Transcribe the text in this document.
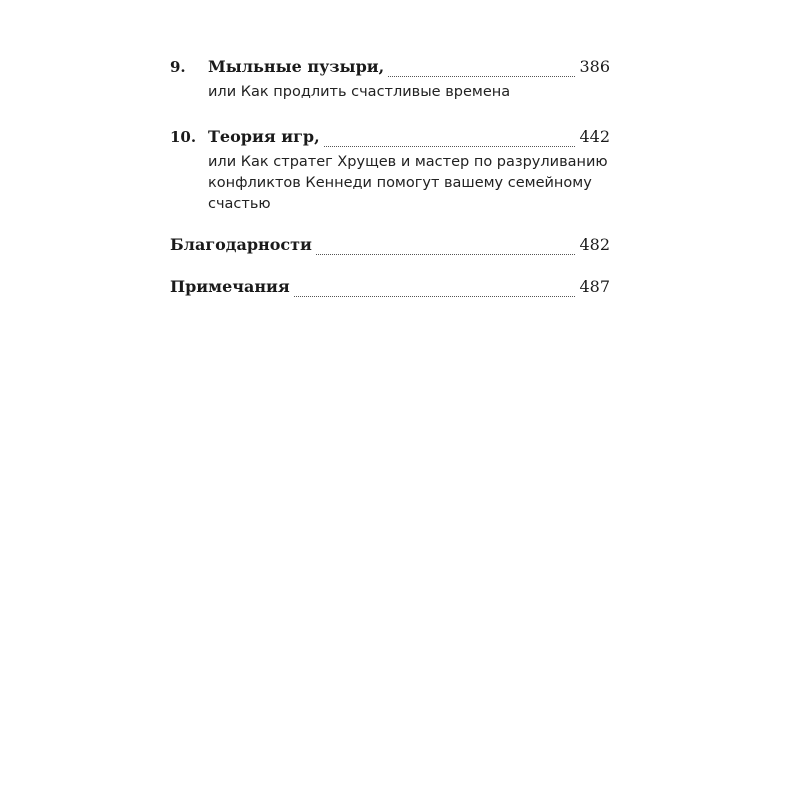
9.	Мыльные пузыри,	386
или Как продлить счастливые времена
10. Теория игр,	442
или Как стратег Хрущев и мастер по разруливанию конфликтов Кеннеди помогут вашему семейному счастью
Благодарности	482
Примечания	487
